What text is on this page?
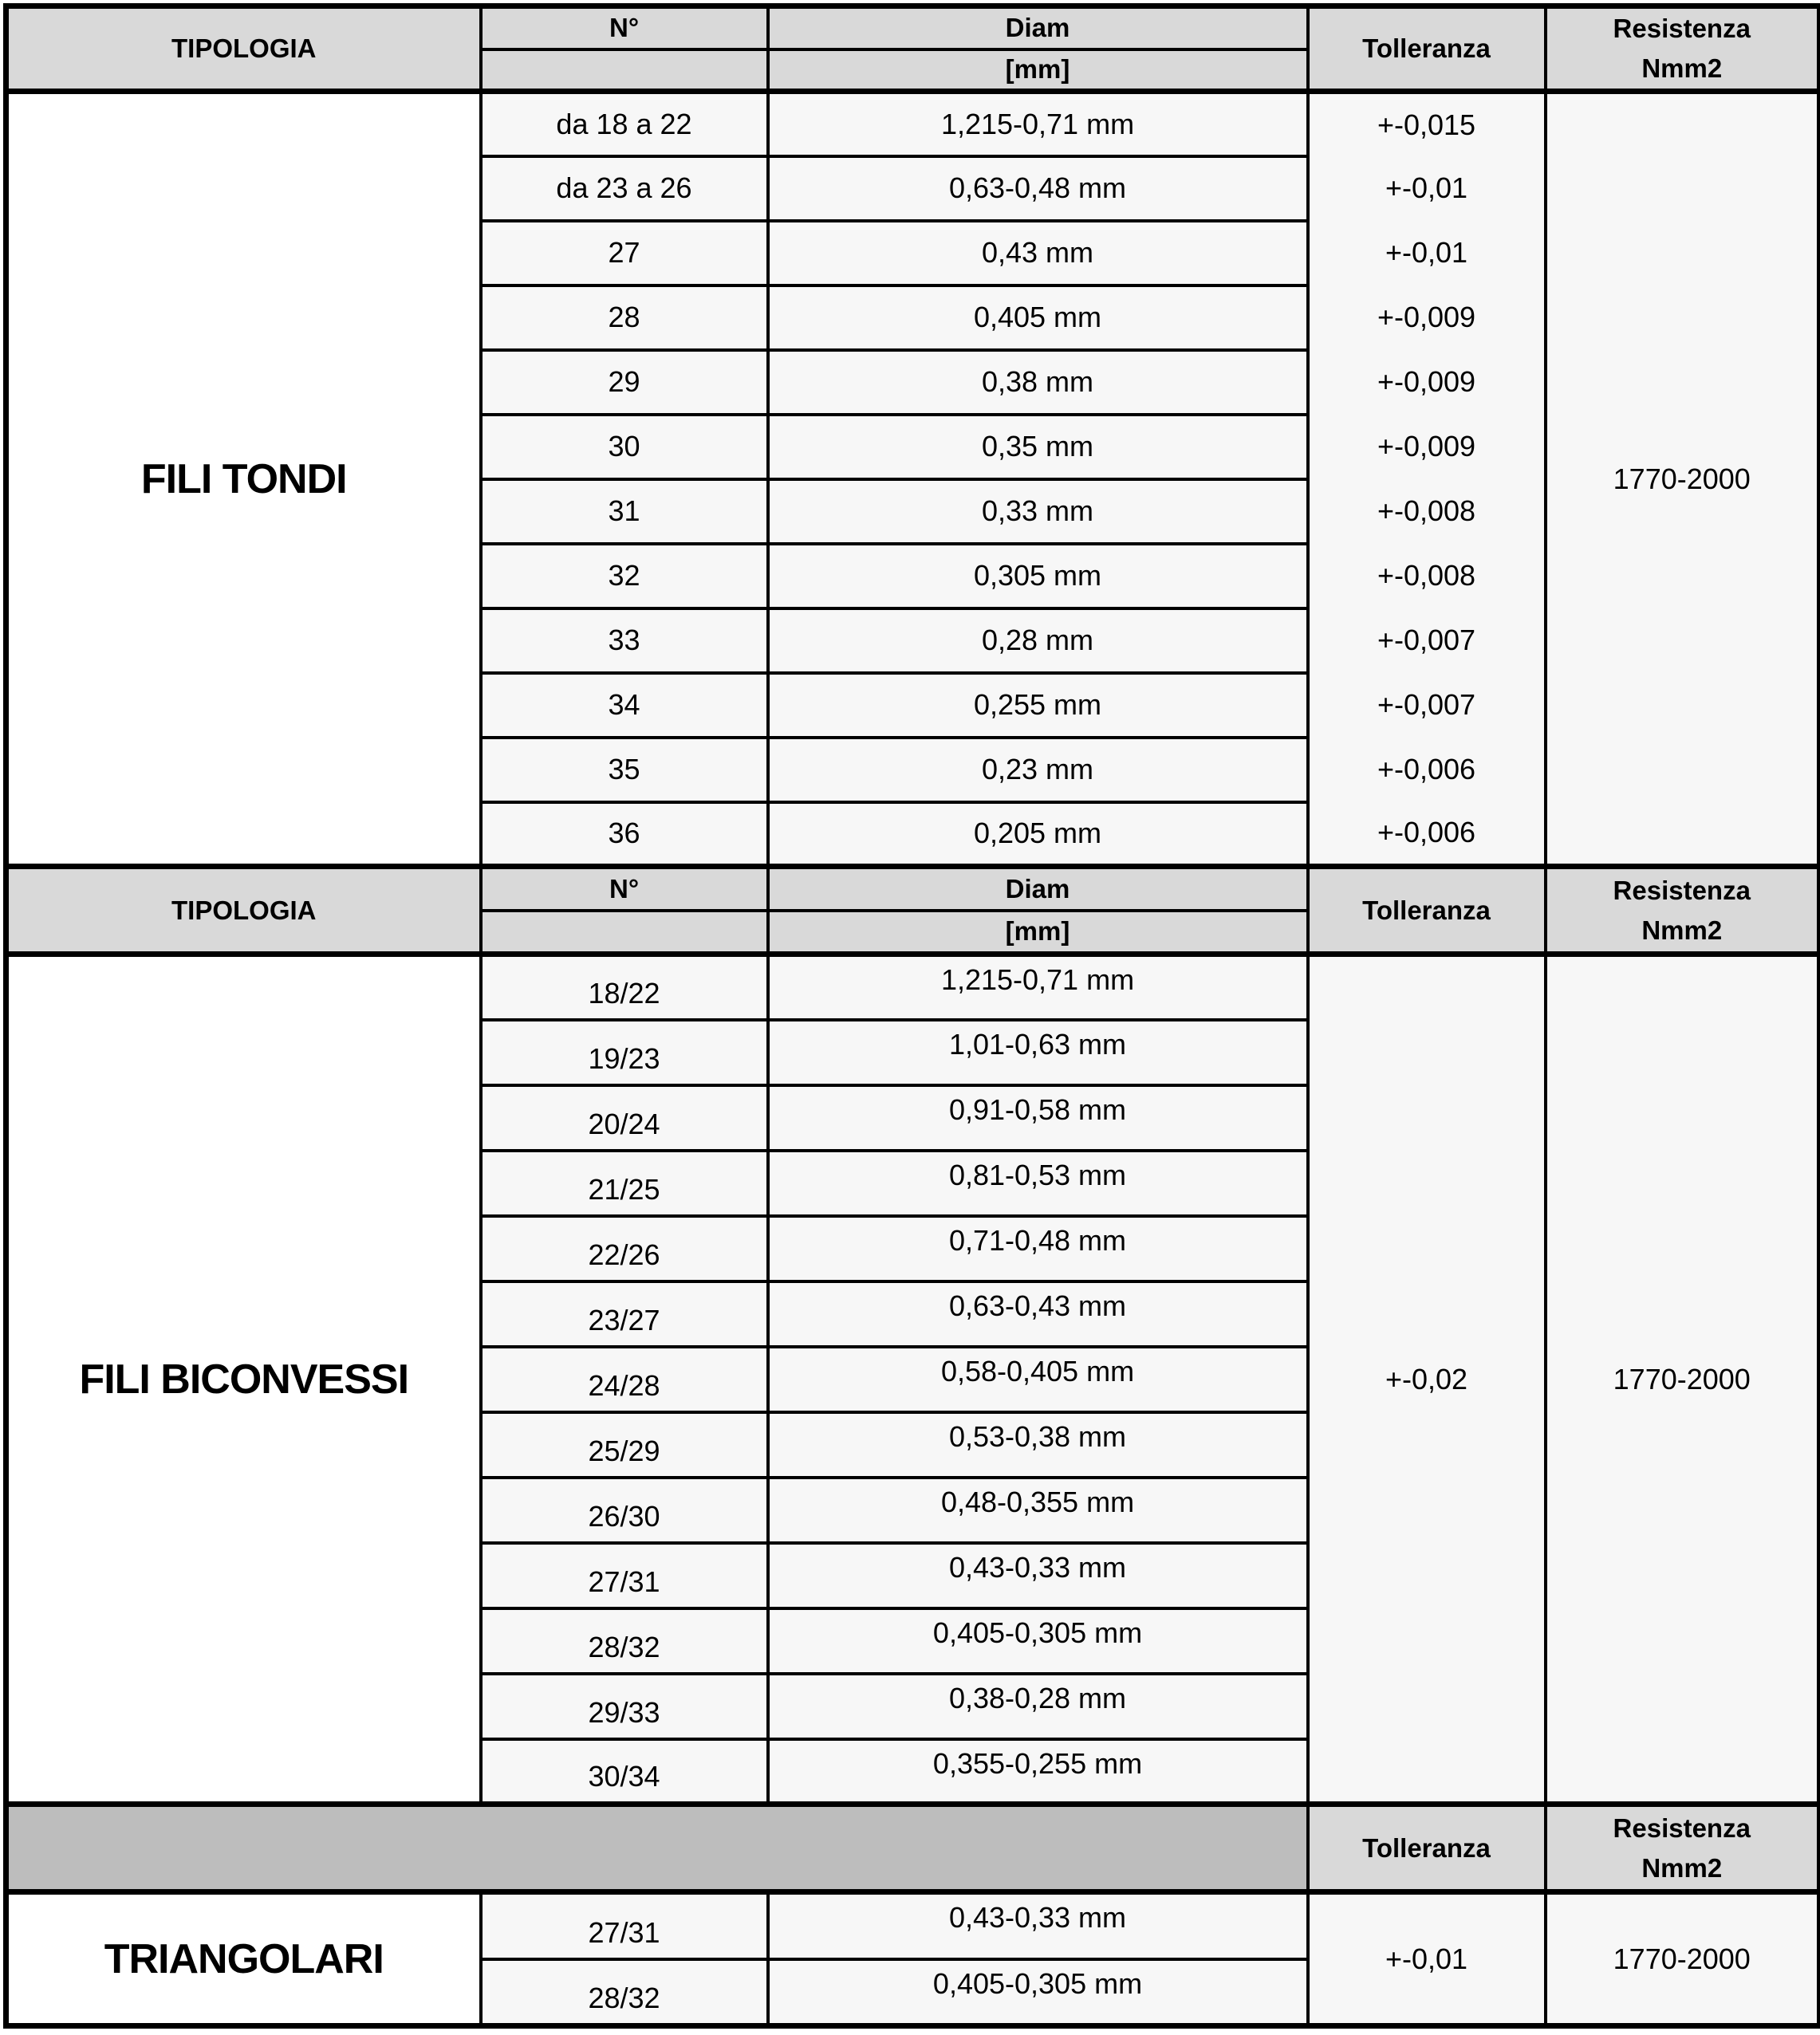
TIPOLOGIA	N°	Diam	Tolleranza	Resistenza
Nmm2

		[mm]		
FILI TONDI	da 18 a 22	1,215-0,71 mm	+-0,015	1770-2000
	da 23 a 26	0,63-0,48 mm	+-0,01	
	27	0,43 mm	+-0,01	
	28	0,405 mm	+-0,009	
	29	0,38 mm	+-0,009	
	30	0,35 mm	+-0,009	
	31	0,33 mm	+-0,008	
	32	0,305 mm	+-0,008	
	33	0,28 mm	+-0,007	
	34	0,255 mm	+-0,007	
	35	0,23 mm	+-0,006	
	36	0,205 mm	+-0,006	
TIPOLOGIA	N°	Diam	Tolleranza	Resistenza
Nmm2

		[mm]		
FILI BICONVESSI	18/22	1,215-0,71 mm	+-0,02	1770-2000
	19/23	1,01-0,63 mm		
	20/24	0,91-0,58 mm		
	21/25	0,81-0,53 mm		
	22/26	0,71-0,48 mm		
	23/27	0,63-0,43 mm		
	24/28	0,58-0,405 mm		
	25/29	0,53-0,38 mm		
	26/30	0,48-0,355 mm		
	27/31	0,43-0,33 mm		
	28/32	0,405-0,305 mm		
	29/33	0,38-0,28 mm		
	30/34	0,355-0,255 mm		
			Tolleranza	Resistenza
Nmm2

TRIANGOLARI	27/31	0,43-0,33 mm	+-0,01	1770-2000
	28/32	0,405-0,305 mm		
